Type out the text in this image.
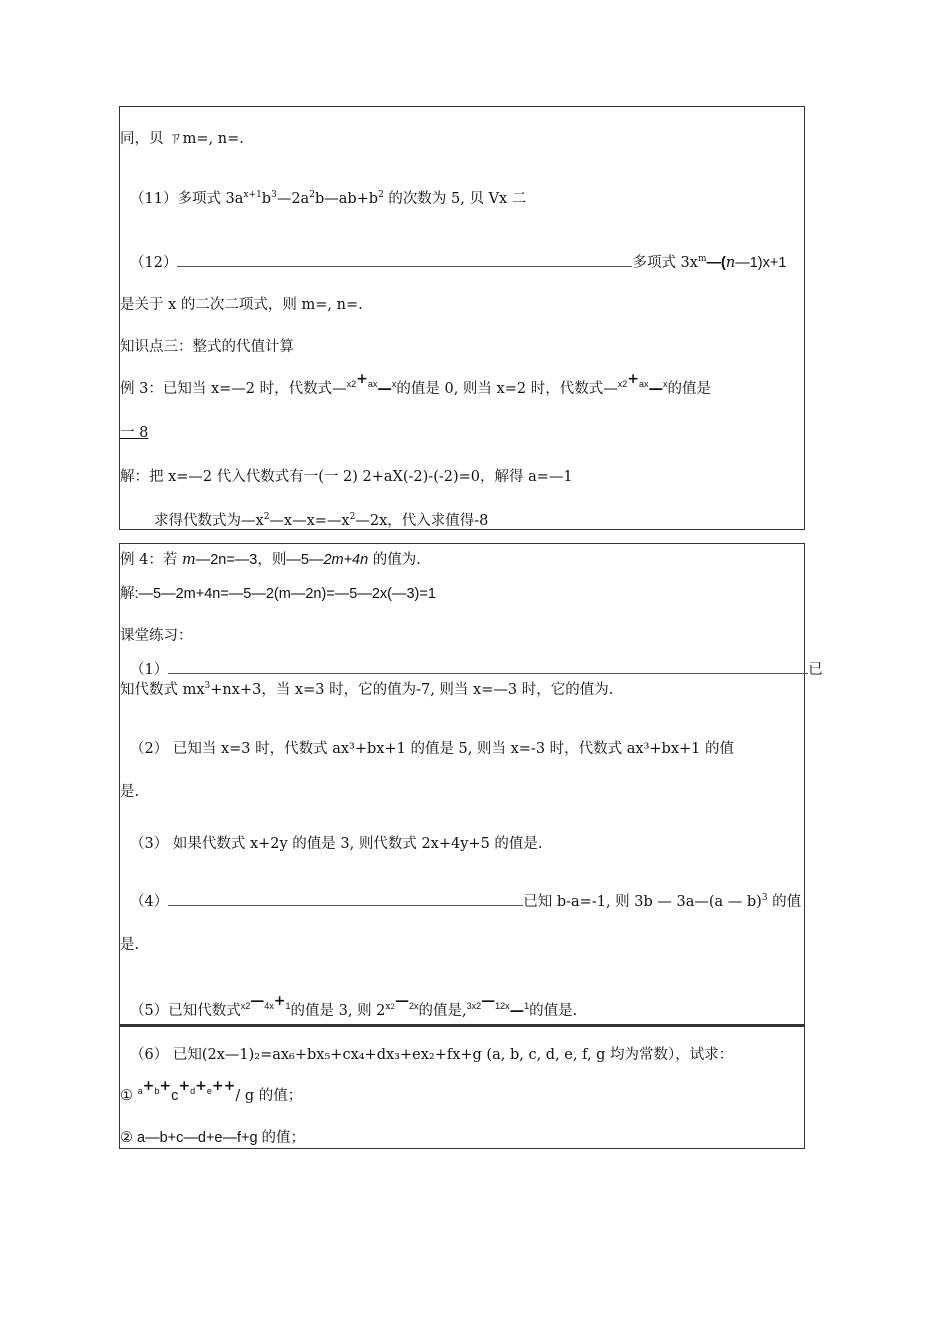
同，贝 ㄗm=, n=.
（11）多项式 $3a^{x+1}b^3—2a^2b—ab+b^2$ 的次数为 5, 贝 Vx 二
（12）	多项式 $3x^m—(n—1)x+1$
是关于 x 的二次二项式，则 m=, n=.
知识点三：整式的代值计算
例 3：已知当 x=—2 时，代数式—$^{x2}$+$^{ax}$—$^x$的值是 0, 则当 x=2 时，代数式—$^{x2}$+$^{ax}$—$^x$的值是
一 8
解：把 x=—2 代入代数式有一(一 2) 2+aX(-2)-(-2)=0，解得 a=—1
求得代数式为$—x^2—x—x=—x^2—2x$，代入求值得-8
例 4：若 m—2n=—3，则—5—2m+4n 的值为.
解:—5—2m+4n=—5—2(m—2n)=—5—2x(—3)=1
课堂练习：
（1）	已
知代数式 $mx^3+nx+3$，当 x=3 时，它的值为-7, 则当 x=—3 时，它的值为.
（2） 已知当 x=3 时，代数式 ax³+bx+1 的值是 5, 则当 x=-3 时，代数式 ax³+bx+1 的值
是.
（3） 如果代数式 x+2y 的值是 3, 则代数式 2x+4y+5 的值是.
（4）	已知 b-a=-1, 则 3b — 3a—(a — b)$^3$ 的值
是.
（5）已知代数式$^{x2}$—$^{4x}$+$^1$的值是 3, 则 $2^{x2}—^{2x}$的值是,$^{3x2}$—$^{12x}$—$^1$的值是.
（6） 已知(2x—1)₂=ax₆+bx₅+cx₄+dx₃+ex₂+fx+g (a, b, c, d, e, f, g 均为常数），试求：
① $^a$+$^b$+c+$^d$+$^e$++/ g 的值；
② a—b+c—d+e—f+g 的值；
